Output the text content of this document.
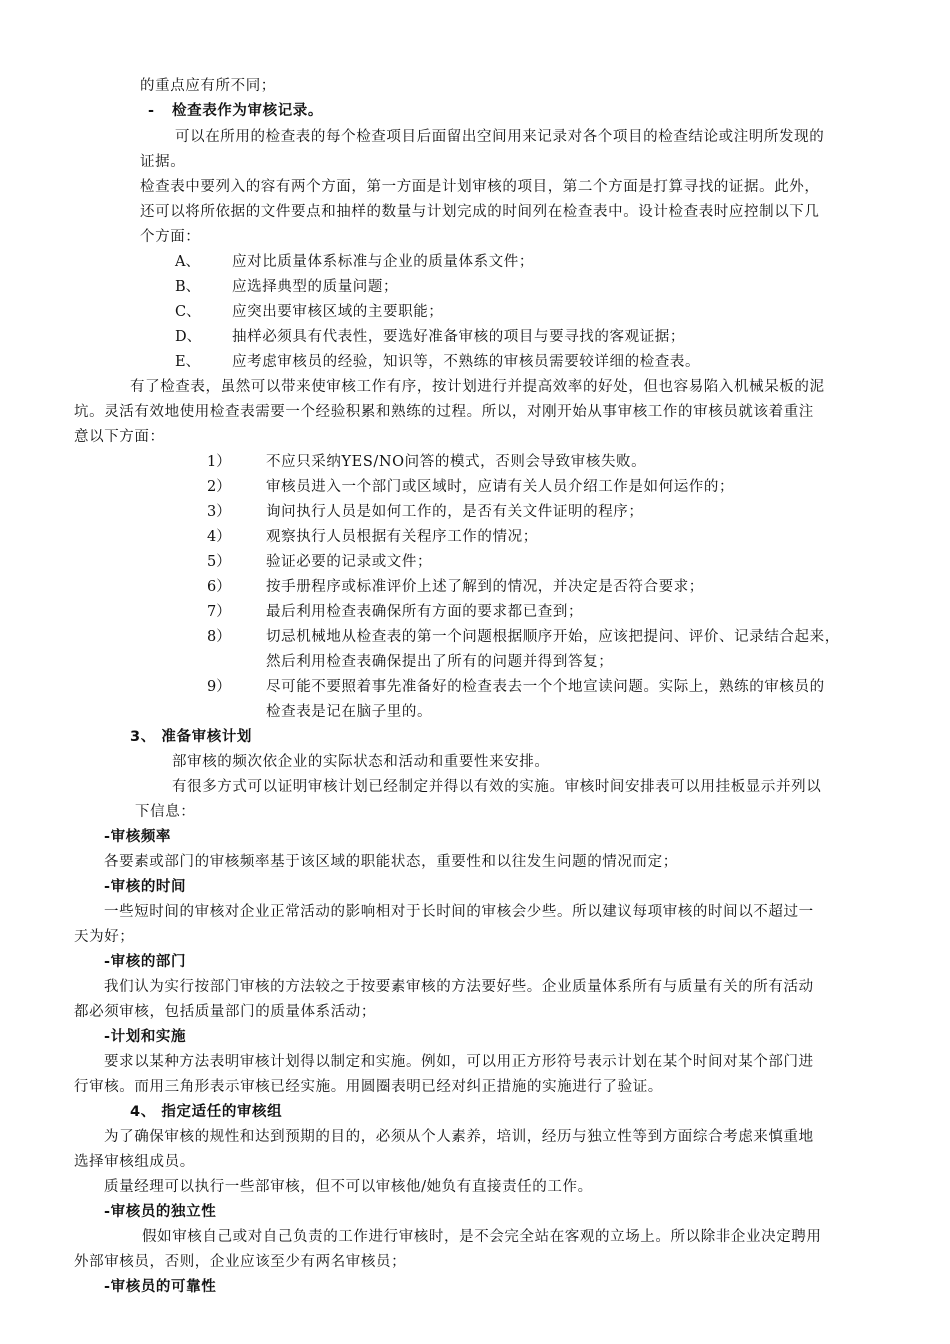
的重点应有所不同；
- 检查表作为审核记录。
可以在所用的检查表的每个检查项目后面留出空间用来记录对各个项目的检查结论或注明所发现的
证据。
检查表中要列入的容有两个方面，第一方面是计划审核的项目，第二个方面是打算寻找的证据。此外，
还可以将所依据的文件要点和抽样的数量与计划完成的时间列在检查表中。设计检查表时应控制以下几
个方面：
A、 应对比质量体系标准与企业的质量体系文件；
B、 应选择典型的质量问题；
C、 应突出要审核区域的主要职能；
D、 抽样必须具有代表性，要选好准备审核的项目与要寻找的客观证据；
E、 应考虑审核员的经验，知识等，不熟练的审核员需要较详细的检查表。
有了检查表，虽然可以带来使审核工作有序，按计划进行并提高效率的好处，但也容易陷入机械呆板的泥
坑。灵活有效地使用检查表需要一个经验积累和熟练的过程。所以，对刚开始从事审核工作的审核员就该着重注
意以下方面：
1） 不应只采纳YES/NO问答的模式，否则会导致审核失败。
2） 审核员进入一个部门或区域时，应请有关人员介绍工作是如何运作的；
3） 询问执行人员是如何工作的，是否有关文件证明的程序；
4） 观察执行人员根据有关程序工作的情况；
5） 验证必要的记录或文件；
6） 按手册程序或标准评价上述了解到的情况，并决定是否符合要求；
7） 最后利用检查表确保所有方面的要求都已查到；
8） 切忌机械地从检查表的第一个问题根据顺序开始，应该把提问、评价、记录结合起来，
然后利用检查表确保提出了所有的问题并得到答复；
9） 尽可能不要照着事先准备好的检查表去一个个地宣读问题。实际上，熟练的审核员的
检查表是记在脑子里的。
3、 准备审核计划
部审核的频次依企业的实际状态和活动和重要性来安排。
有很多方式可以证明审核计划已经制定并得以有效的实施。审核时间安排表可以用挂板显示并列以
下信息：
-审核频率
各要素或部门的审核频率基于该区域的职能状态，重要性和以往发生问题的情况而定；
-审核的时间
一些短时间的审核对企业正常活动的影响相对于长时间的审核会少些。所以建议每项审核的时间以不超过一
天为好；
-审核的部门
我们认为实行按部门审核的方法较之于按要素审核的方法要好些。企业质量体系所有与质量有关的所有活动
都必须审核，包括质量部门的质量体系活动；
-计划和实施
要求以某种方法表明审核计划得以制定和实施。例如，可以用正方形符号表示计划在某个时间对某个部门进
行审核。而用三角形表示审核已经实施。用圆圈表明已经对纠正措施的实施进行了验证。
4、 指定适任的审核组
为了确保审核的规性和达到预期的目的，必须从个人素养，培训，经历与独立性等到方面综合考虑来慎重地
选择审核组成员。
质量经理可以执行一些部审核，但不可以审核他/她负有直接责任的工作。
-审核员的独立性
假如审核自己或对自己负责的工作进行审核时，是不会完全站在客观的立场上。所以除非企业决定聘用
外部审核员，否则，企业应该至少有两名审核员；
-审核员的可靠性
